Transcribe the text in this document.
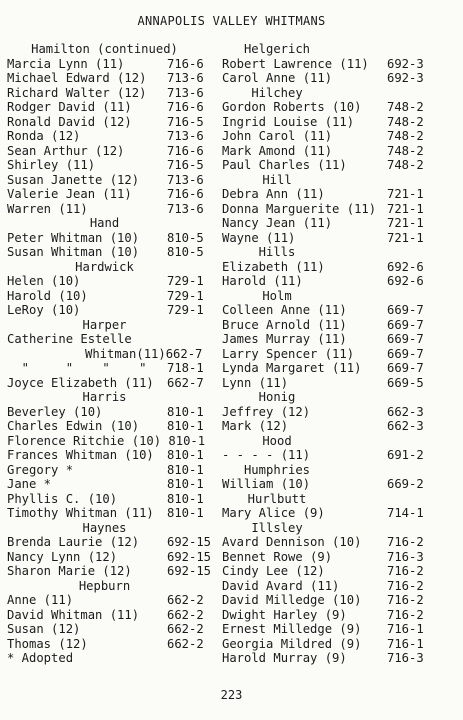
ANNAPOLIS VALLEY WHITMANS
Hamilton (continued)
Marcia Lynn (11)	716-6
Michael Edward (12) 713-6
Richard Walter (12) 713-6
Rodger David (11)	716-6
Ronald David (12)	716-5
Ronda (12)	713-6
Sean Arthur (12)	716-6
Shirley (11)	716-5
Susan Janette (12) 713-6
Valerie Jean (11)	716-6
Warren (11)	713-6
Hand
Peter Whitman (10) 810-5
Susan Whitman (10) 810-5
Hardwick
Helen (10)	729-1
Harold (10)	729-1
LeRoy (10)	729-1
Harper
Catherine Estelle
Whitman(11)662-7
"     "    "    " 718-1
Joyce Elizabeth (11) 662-7
Harris
Beverley (10)	810-1
Charles Edwin (10) 810-1
Florence Ritchie (10) 810-1
Frances Whitman (10) 810-1
Gregory *	810-1
Jane *	810-1
Phyllis C. (10)	810-1
Timothy Whitman (11) 810-1
Haynes
Brenda Laurie (12) 692-15
Nancy Lynn (12)	692-15
Sharon Marie (12)	692-15
Hepburn
Anne (11)	662-2
David Whitman (11) 662-2
Susan (12)	662-2
Thomas (12)	662-2
* Adopted
Helgerich
Robert Lawrence (11) 692-3
Carol Anne (11)	692-3
Hilchey
Gordon Roberts (10) 748-2
Ingrid Louise (11)	748-2
John Carol (11)	748-2
Mark Amond (11)	748-2
Paul Charles (11)	748-2
Hill
Debra Ann (11)	721-1
Donna Marguerite (11) 721-1
Nancy Jean (11)	721-1
Wayne (11)	721-1
Hills
Elizabeth (11)	692-6
Harold (11)	692-6
Holm
Colleen Anne (11)	669-7
Bruce Arnold (11)	669-7
James Murray (11)	669-7
Larry Spencer (11)	669-7
Lynda Margaret (11) 669-7
Lynn (11)	669-5
Honig
Jeffrey (12)	662-3
Mark (12)	662-3
Hood
- - - - (11)	691-2
Humphries
William (10)	669-2
Hurlbutt
Mary Alice (9)	714-1
Illsley
Avard Dennison (10) 716-2
Bennet Rowe (9)	716-3
Cindy Lee (12)	716-2
David Avard (11)	716-2
David Milledge (10) 716-2
Dwight Harley (9)	716-2
Ernest Milledge (9) 716-1
Georgia Mildred (9) 716-1
Harold Murray (9)	716-3
223
